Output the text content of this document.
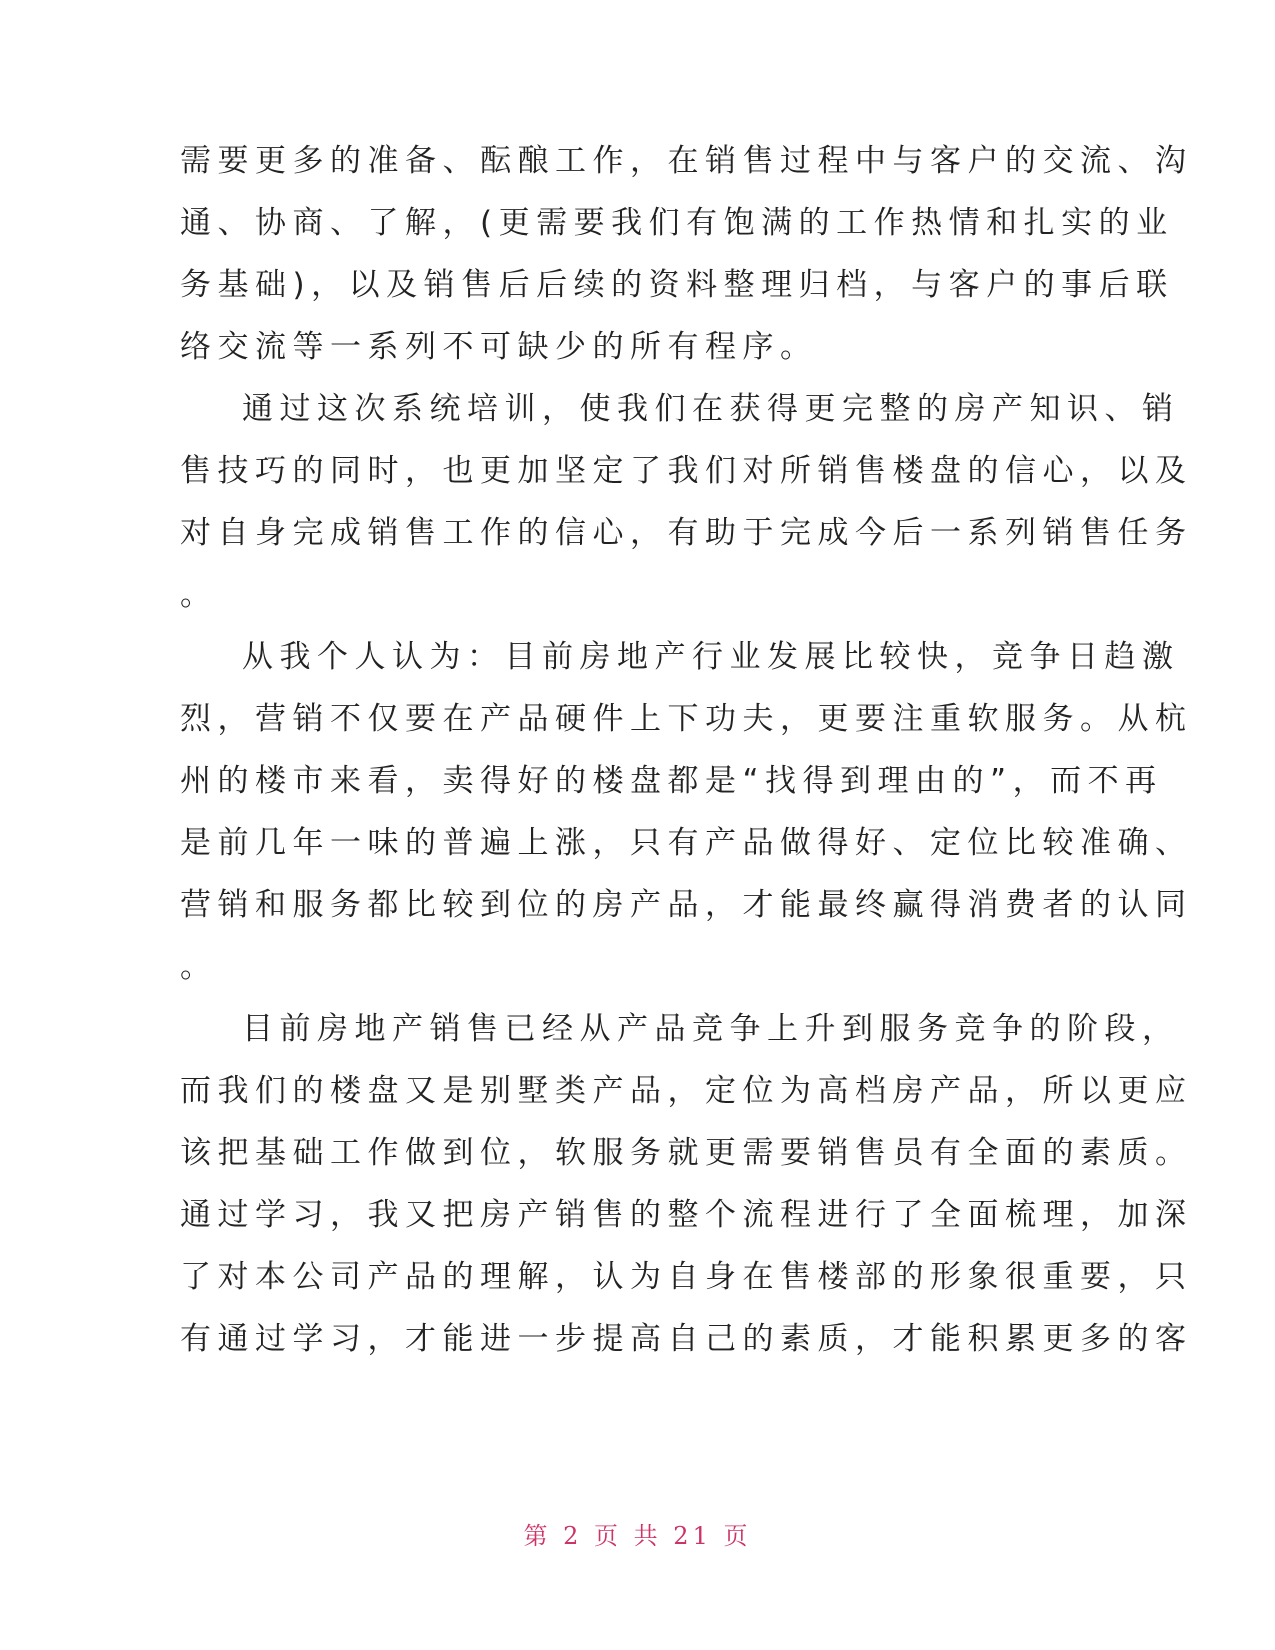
需要更多的准备、酝酿工作，在销售过程中与客户的交流、沟
通、协商、了解，(更需要我们有饱满的工作热情和扎实的业
务基础)，以及销售后后续的资料整理归档，与客户的事后联
络交流等一系列不可缺少的所有程序。
通过这次系统培训，使我们在获得更完整的房产知识、销
售技巧的同时，也更加坚定了我们对所销售楼盘的信心，以及
对自身完成销售工作的信心，有助于完成今后一系列销售任务
。
从我个人认为：目前房地产行业发展比较快，竞争日趋激
烈，营销不仅要在产品硬件上下功夫，更要注重软服务。从杭
州的楼市来看，卖得好的楼盘都是“找得到理由的”，而不再
是前几年一味的普遍上涨，只有产品做得好、定位比较准确、
营销和服务都比较到位的房产品，才能最终赢得消费者的认同
。
目前房地产销售已经从产品竞争上升到服务竞争的阶段，
而我们的楼盘又是别墅类产品，定位为高档房产品，所以更应
该把基础工作做到位，软服务就更需要销售员有全面的素质。
通过学习，我又把房产销售的整个流程进行了全面梳理，加深
了对本公司产品的理解，认为自身在售楼部的形象很重要，只
有通过学习，才能进一步提高自己的素质，才能积累更多的客
第 2 页 共 21 页
